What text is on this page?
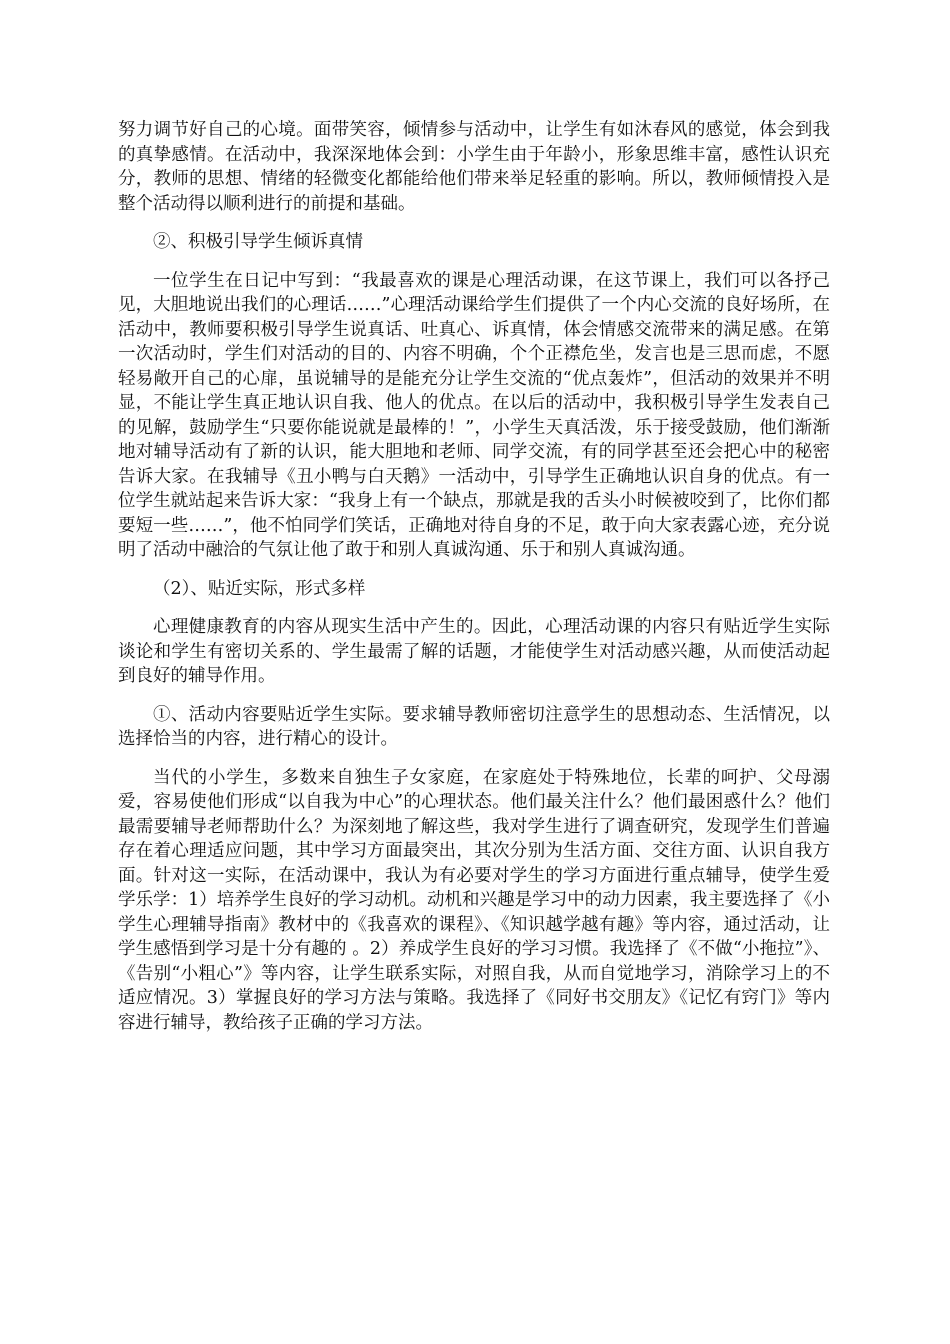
努力调节好自己的心境。面带笑容，倾情参与活动中，让学生有如沐春风的感觉，体会到我的真挚感情。在活动中，我深深地体会到：小学生由于年龄小，形象思维丰富，感性认识充分，教师的思想、情绪的轻微变化都能给他们带来举足轻重的影响。所以，教师倾情投入是整个活动得以顺利进行的前提和基础。

②、积极引导学生倾诉真情

一位学生在日记中写到：“我最喜欢的课是心理活动课，在这节课上，我们可以各抒己见，大胆地说出我们的心理话……”心理活动课给学生们提供了一个内心交流的良好场所，在活动中，教师要积极引导学生说真话、吐真心、诉真情，体会情感交流带来的满足感。在第一次活动时，学生们对活动的目的、内容不明确，个个正襟危坐，发言也是三思而虑，不愿轻易敞开自己的心扉，虽说辅导的是能充分让学生交流的“优点轰炸”，但活动的效果并不明显，不能让学生真正地认识自我、他人的优点。在以后的活动中，我积极引导学生发表自己的见解，鼓励学生“只要你能说就是最棒的！”，小学生天真活泼，乐于接受鼓励，他们渐渐地对辅导活动有了新的认识，能大胆地和老师、同学交流，有的同学甚至还会把心中的秘密告诉大家。在我辅导《丑小鸭与白天鹅》一活动中，引导学生正确地认识自身的优点。有一位学生就站起来告诉大家：“我身上有一个缺点，那就是我的舌头小时候被咬到了，比你们都要短一些……”，他不怕同学们笑话，正确地对待自身的不足，敢于向大家表露心迹，充分说明了活动中融洽的气氛让他了敢于和别人真诚沟通、乐于和别人真诚沟通。

（2）、贴近实际，形式多样

心理健康教育的内容从现实生活中产生的。因此，心理活动课的内容只有贴近学生实际谈论和学生有密切关系的、学生最需了解的话题，才能使学生对活动感兴趣，从而使活动起到良好的辅导作用。

①、活动内容要贴近学生实际。要求辅导教师密切注意学生的思想动态、生活情况，以选择恰当的内容，进行精心的设计。

当代的小学生，多数来自独生子女家庭，在家庭处于特殊地位，长辈的呵护、父母溺爱，容易使他们形成“以自我为中心”的心理状态。他们最关注什么？他们最困惑什么？他们最需要辅导老师帮助什么？为深刻地了解这些，我对学生进行了调查研究，发现学生们普遍存在着心理适应问题，其中学习方面最突出，其次分别为生活方面、交往方面、认识自我方面。针对这一实际，在活动课中，我认为有必要对学生的学习方面进行重点辅导，使学生爱学乐学：1）培养学生良好的学习动机。动机和兴趣是学习中的动力因素，我主要选择了《小学生心理辅导指南》教材中的《我喜欢的课程》、《知识越学越有趣》等内容，通过活动，让学生感悟到学习是十分有趣的 。2）养成学生良好的学习习惯。我选择了《不做“小拖拉”》、《告别“小粗心”》等内容，让学生联系实际，对照自我，从而自觉地学习，消除学习上的不适应情况。3）掌握良好的学习方法与策略。我选择了《同好书交朋友》《记忆有窍门》等内容进行辅导，教给孩子正确的学习方法。
